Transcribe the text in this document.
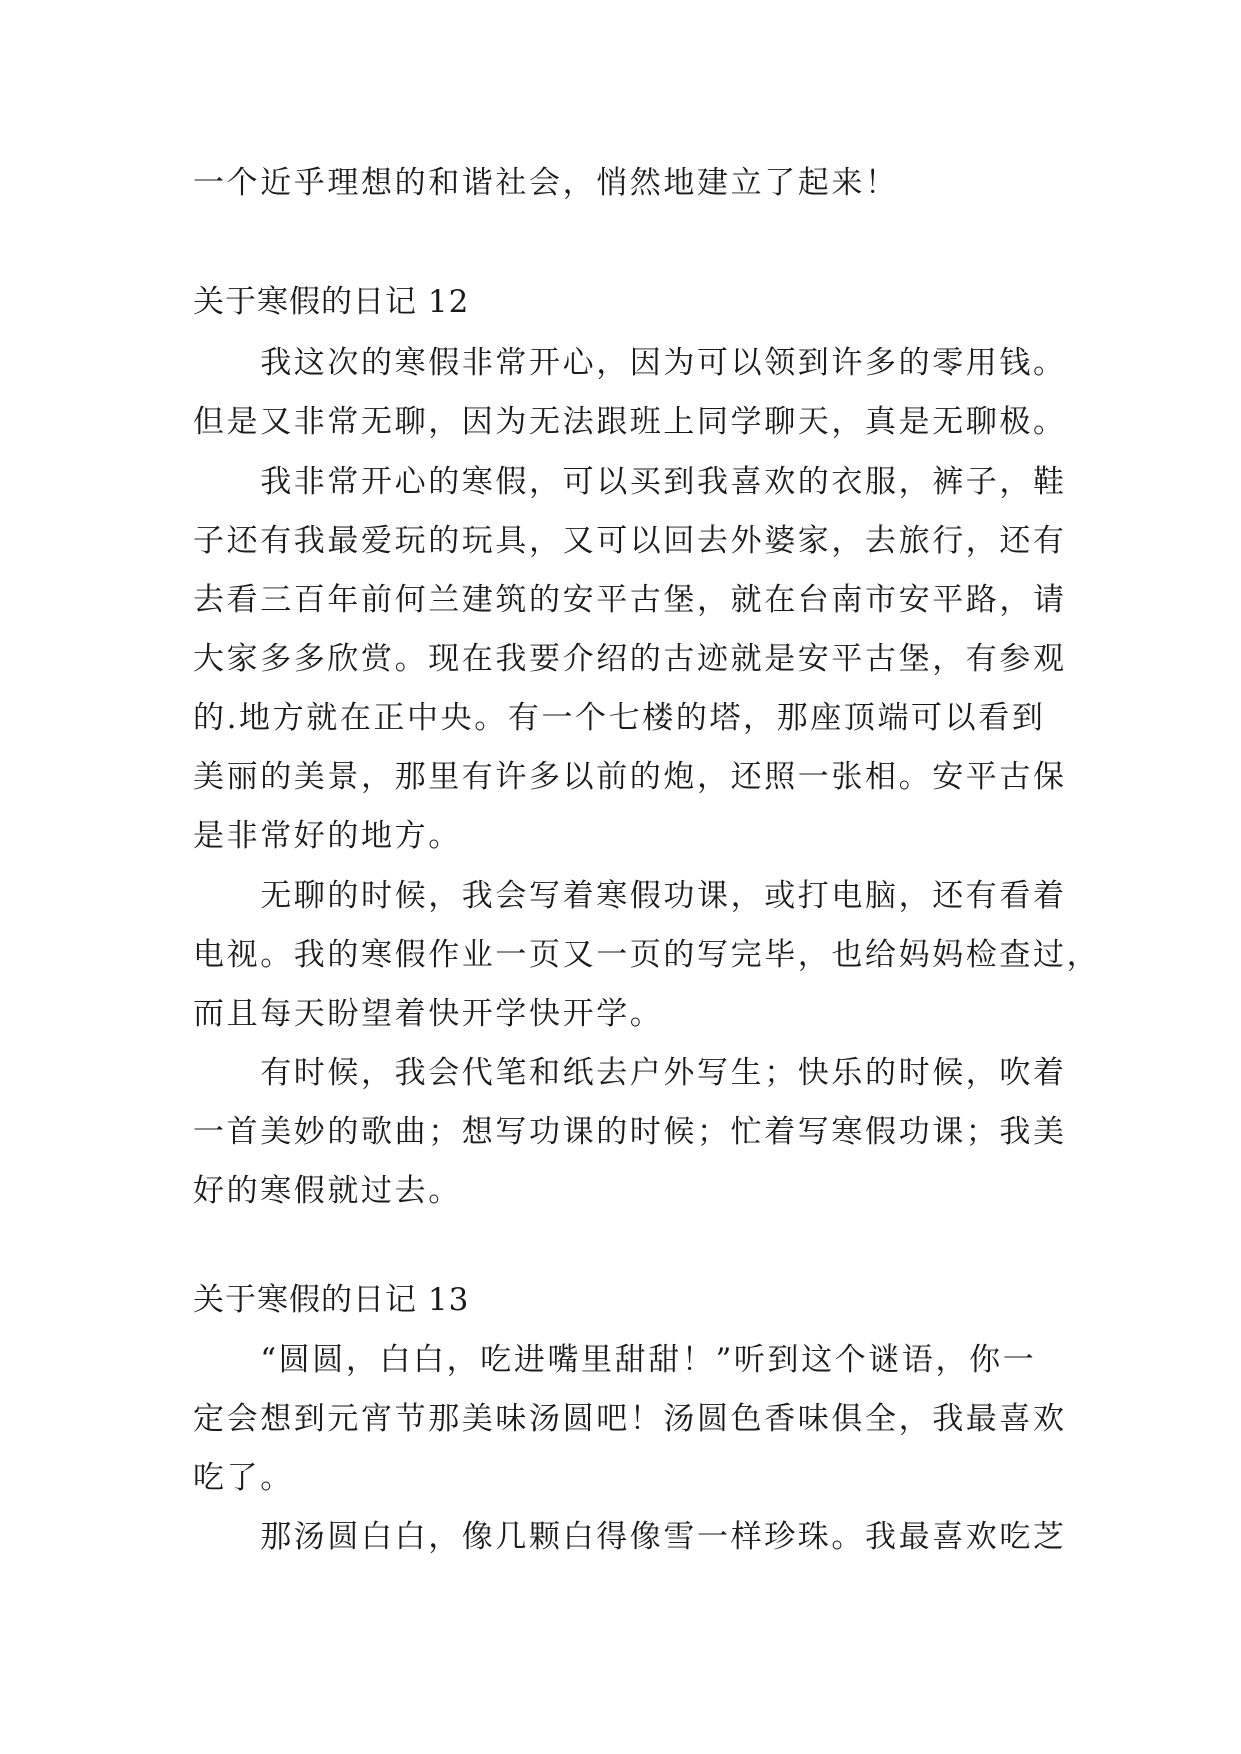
一个近乎理想的和谐社会，悄然地建立了起来！
关于寒假的日记 12
　　我这次的寒假非常开心，因为可以领到许多的零用钱。
但是又非常无聊，因为无法跟班上同学聊天，真是无聊极。
　　我非常开心的寒假，可以买到我喜欢的衣服，裤子，鞋
子还有我最爱玩的玩具，又可以回去外婆家，去旅行，还有
去看三百年前何兰建筑的安平古堡，就在台南市安平路，请
大家多多欣赏。现在我要介绍的古迹就是安平古堡，有参观
的.地方就在正中央。有一个七楼的塔，那座顶端可以看到
美丽的美景，那里有许多以前的炮，还照一张相。安平古保
是非常好的地方。
　　无聊的时候，我会写着寒假功课，或打电脑，还有看着
电视。我的寒假作业一页又一页的写完毕，也给妈妈检查过，
而且每天盼望着快开学快开学。
　　有时候，我会代笔和纸去户外写生；快乐的时候，吹着
一首美妙的歌曲；想写功课的时候；忙着写寒假功课；我美
好的寒假就过去。
关于寒假的日记 13
　　“圆圆，白白，吃进嘴里甜甜！”听到这个谜语，你一
定会想到元宵节那美味汤圆吧！汤圆色香味俱全，我最喜欢
吃了。
　　那汤圆白白，像几颗白得像雪一样珍珠。我最喜欢吃芝
